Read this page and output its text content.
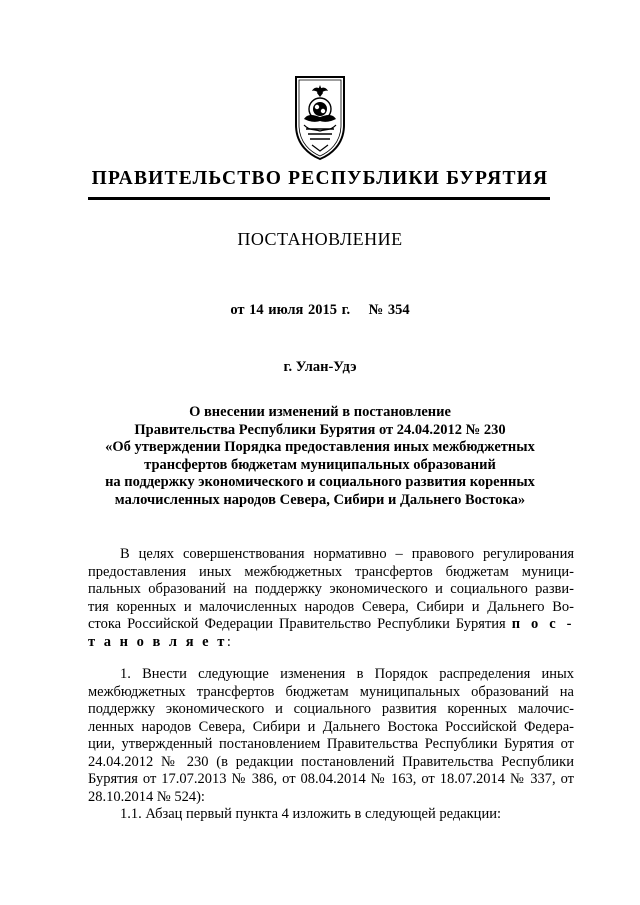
ПРАВИТЕЛЬСТВО РЕСПУБЛИКИ БУРЯТИЯ
ПОСТАНОВЛЕНИЕ
от 14 июля 2015 г.    № 354
г. Улан-Удэ
О внесении изменений в постановление
Правительства Республики Бурятия от 24.04.2012 № 230
«Об утверждении Порядка предоставления иных межбюджетных
трансфертов бюджетам муниципальных образований
на поддержку экономического и социального развития коренных
малочисленных народов Севера, Сибири и Дальнего Востока»
В целях совершенствования нормативно – правового регулирования
предоставления иных межбюджетных трансфертов бюджетам муници-
пальных образований на поддержку экономического и социального разви-
тия коренных и малочисленных народов Севера, Сибири и Дальнего Во-
стока Российской Федерации Правительство Республики Бурятия п о с -
т а н о в л я е т:
1. Внести следующие изменения в Порядок распределения иных
межбюджетных трансфертов бюджетам муниципальных образований на
поддержку экономического и социального развития коренных малочис-
ленных народов Севера, Сибири и Дальнего Востока Российской Федера-
ции, утвержденный постановлением Правительства Республики Бурятия от
24.04.2012 № 230 (в редакции постановлений Правительства Республики
Бурятия от 17.07.2013 № 386, от 08.04.2014 № 163, от 18.07.2014 № 337, от
28.10.2014 № 524):
1.1. Абзац первый пункта 4 изложить в следующей редакции:
